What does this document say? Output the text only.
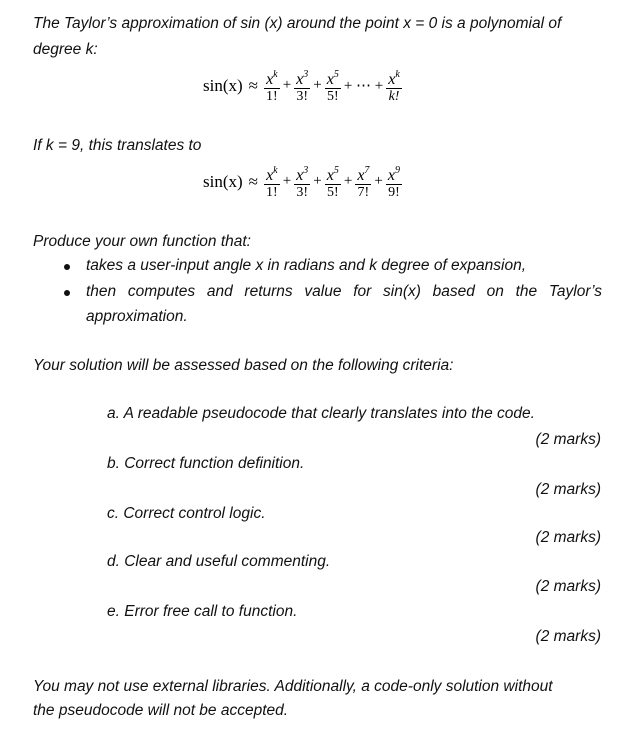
The Taylor’s approximation of sin (x) around the point x = 0 is a polynomial of
degree k:
$\sin(x) \approx \frac{x^k}{1!} + \frac{x^3}{3!} + \frac{x^5}{5!}$ + ⋯ + $\frac{x^k}{k!}$
If k = 9, this translates to
$\sin(x) \approx \frac{x^k}{1!} + \frac{x^3}{3!} + \frac{x^5}{5!} + \frac{x^7}{7!} + \frac{x^9}{9!}$
Produce your own function that:
takes a user-input angle x in radians and k degree of expansion,
then computes and returns value for sin(x) based on the Taylor’s
approximation.
Your solution will be assessed based on the following criteria:
a. A readable pseudocode that clearly translates into the code.
(2 marks)
b. Correct function definition.
(2 marks)
c. Correct control logic.
(2 marks)
d. Clear and useful commenting.
(2 marks)
e. Error free call to function.
(2 marks)
You may not use external libraries. Additionally, a code-only solution without
the pseudocode will not be accepted.
